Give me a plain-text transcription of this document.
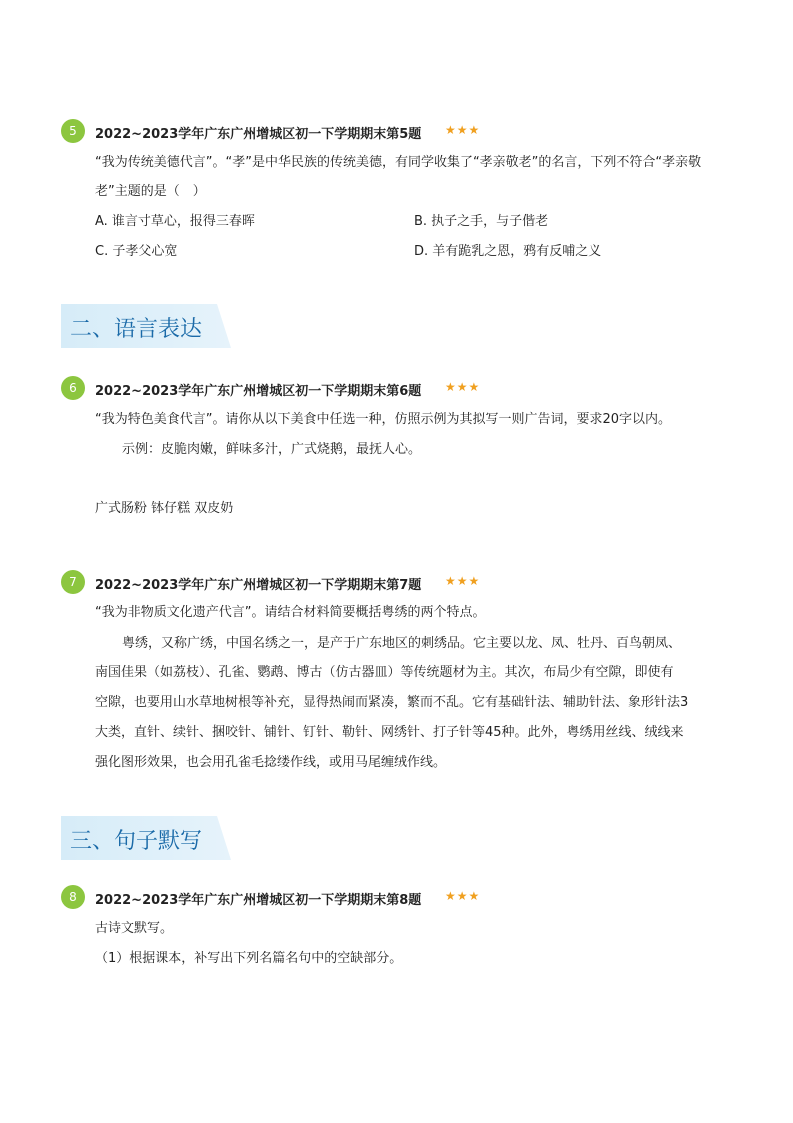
5	2022~2023学年广东广州增城区初一下学期期末第5题 ★★★
“我为传统美德代言”。“孝”是中华民族的传统美德，有同学收集了“孝亲敬老”的名言，下列不符合“孝亲敬
老”主题的是（　）
A. 谁言寸草心，报得三春晖	B. 执子之手，与子偕老
C. 子孝父心宽	D. 羊有跪乳之恩，鸦有反哺之义
二、语言表达
6	2022~2023学年广东广州增城区初一下学期期末第6题 ★★★
“我为特色美食代言”。请你从以下美食中任选一种，仿照示例为其拟写一则广告词，要求20字以内。
示例：皮脆肉嫩，鲜味多汁，广式烧鹅，最抚人心。
广式肠粉 钵仔糕 双皮奶
7	2022~2023学年广东广州增城区初一下学期期末第7题 ★★★
“我为非物质文化遗产代言”。请结合材料简要概括粤绣的两个特点。
粤绣，又称广绣，中国名绣之一，是产于广东地区的刺绣品。它主要以龙、凤、牡丹、百鸟朝凤、
南国佳果（如荔枝）、孔雀、鹦鹉、博古（仿古器皿）等传统题材为主。其次，布局少有空隙，即使有
空隙，也要用山水草地树根等补充，显得热闹而紧凑，繁而不乱。它有基础针法、辅助针法、象形针法3
大类，直针、续针、捆咬针、铺针、钉针、勒针、网绣针、打子针等45种。此外，粤绣用丝线、绒线来
强化图形效果，也会用孔雀毛捻缕作线，或用马尾缠绒作线。
三、句子默写
8	2022~2023学年广东广州增城区初一下学期期末第8题 ★★★
古诗文默写。
（1）根据课本，补写出下列名篇名句中的空缺部分。
